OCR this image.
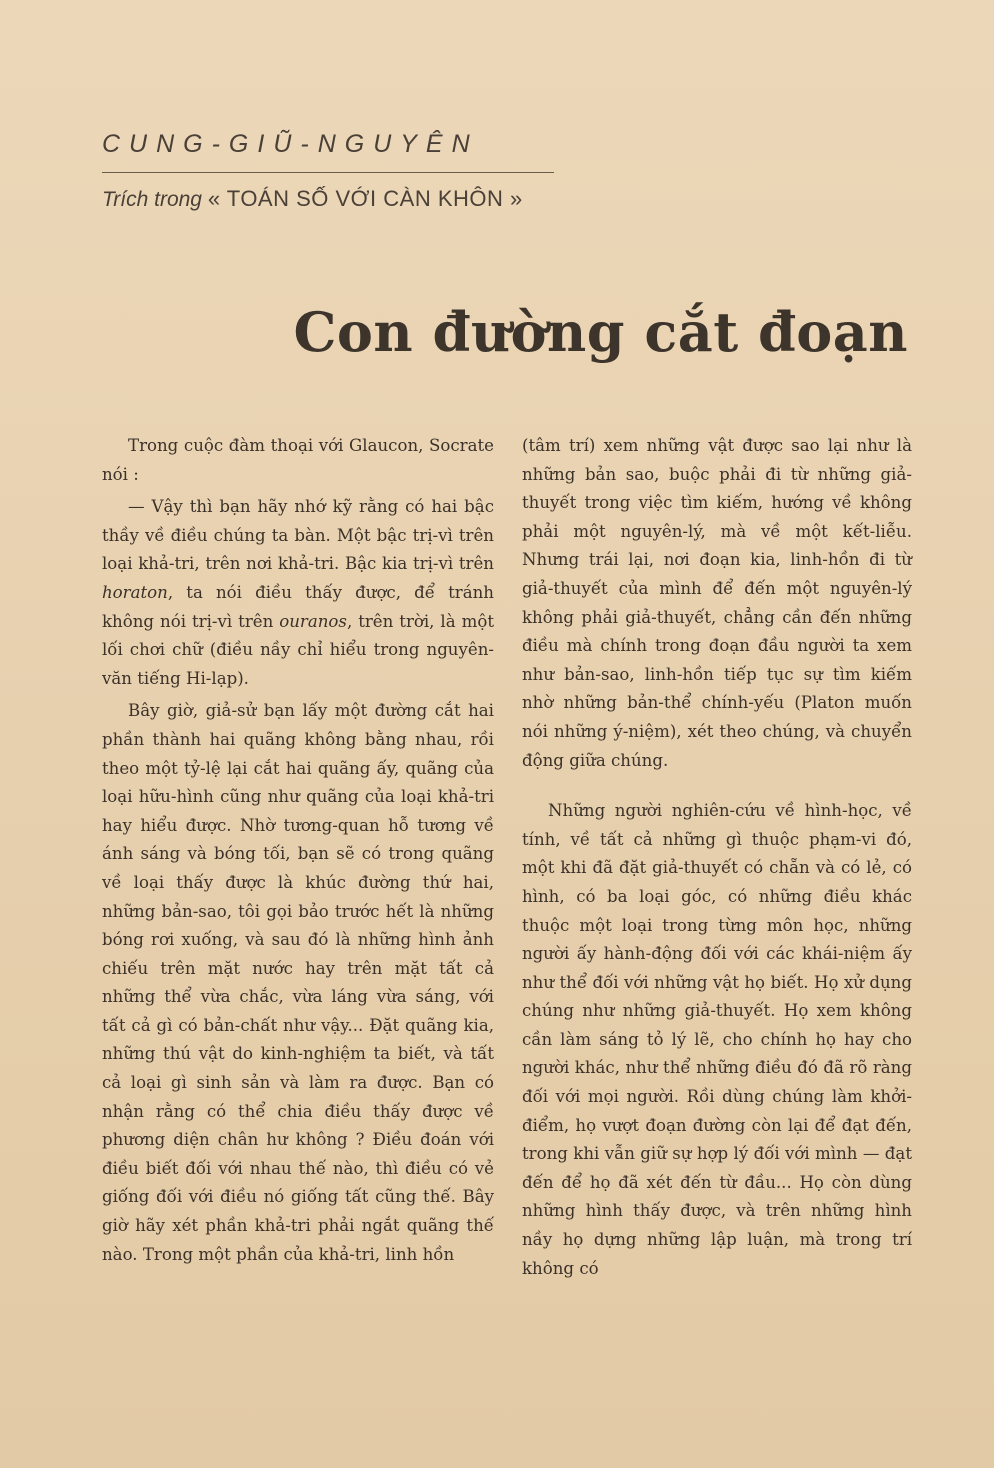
CUNG-GIŨ-NGUYÊN
Trích trong « TOÁN SỐ VỚI CÀN KHÔN »
Con đường cắt đoạn

Trong cuộc đàm thoại với Glaucon, Socrate nói :

— Vậy thì bạn hãy nhớ kỹ rằng có hai bậc thầy về điều chúng ta bàn. Một bậc trị-vì trên loại khả-tri, trên nơi khả-tri. Bậc kia trị-vì trên horaton, ta nói điều thấy được, để tránh không nói trị-vì trên ouranos, trên trời, là một lối chơi chữ (điều nầy chỉ hiểu trong nguyên-văn tiếng Hi-lạp).

Bây giờ, giả-sử bạn lấy một đường cắt hai phần thành hai quãng không bằng nhau, rồi theo một tỷ-lệ lại cắt hai quãng ấy, quãng của loại hữu-hình cũng như quãng của loại khả-tri hay hiểu được. Nhờ tương-quan hỗ tương về ánh sáng và bóng tối, bạn sẽ có trong quãng về loại thấy được là khúc đường thứ hai, những bản-sao, tôi gọi bảo trước hết là những bóng rơi xuống, và sau đó là những hình ảnh chiếu trên mặt nước hay trên mặt tất cả những thể vừa chắc, vừa láng vừa sáng, với tất cả gì có bản-chất như vậy... Đặt quãng kia, những thú vật do kinh-nghiệm ta biết, và tất cả loại gì sinh sản và làm ra được. Bạn có nhận rằng có thể chia điều thấy được về phương diện chân hư không ? Điều đoán với điều biết đối với nhau thế nào, thì điều có vẻ giống đối với điều nó giống tất cũng thế. Bây giờ hãy xét phần khả-tri phải ngắt quãng thế nào. Trong một phần của khả-tri, linh hồn

(tâm trí) xem những vật được sao lại như là những bản sao, buộc phải đi từ những giả-thuyết trong việc tìm kiếm, hướng về không phải một nguyên-lý, mà về một kết-liễu. Nhưng trái lại, nơi đoạn kia, linh-hồn đi từ giả-thuyết của mình để đến một nguyên-lý không phải giả-thuyết, chẳng cần đến những điều mà chính trong đoạn đầu người ta xem như bản-sao, linh-hồn tiếp tục sự tìm kiếm nhờ những bản-thể chính-yếu (Platon muốn nói những ý-niệm), xét theo chúng, và chuyển động giữa chúng.

Những người nghiên-cứu về hình-học, về tính, về tất cả những gì thuộc phạm-vi đó, một khi đã đặt giả-thuyết có chẵn và có lẻ, có hình, có ba loại góc, có những điều khác thuộc một loại trong từng môn học, những người ấy hành-động đối với các khái-niệm ấy như thể đối với những vật họ biết. Họ xử dụng chúng như những giả-thuyết. Họ xem không cần làm sáng tỏ lý lẽ, cho chính họ hay cho người khác, như thể những điều đó đã rõ ràng đối với mọi người. Rồi dùng chúng làm khởi-điểm, họ vượt đoạn đường còn lại để đạt đến, trong khi vẫn giữ sự hợp lý đối với mình — đạt đến để họ đã xét đến từ đầu... Họ còn dùng những hình thấy được, và trên những hình nầy họ dựng những lập luận, mà trong trí không có
